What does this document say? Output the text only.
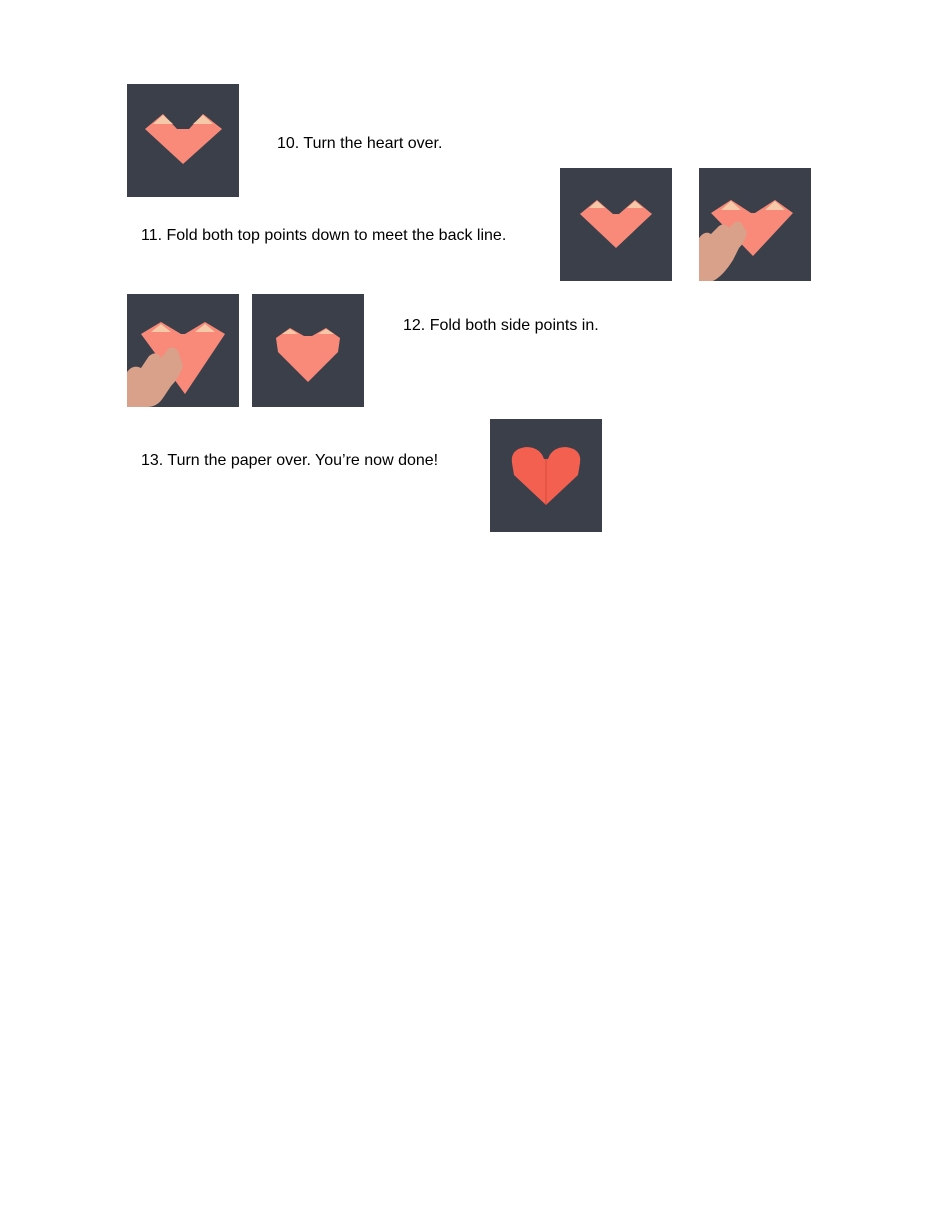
10. Turn the heart over.
11. Fold both top points down to meet the back line.
12. Fold both side points in.
13. Turn the paper over. You’re now done!
